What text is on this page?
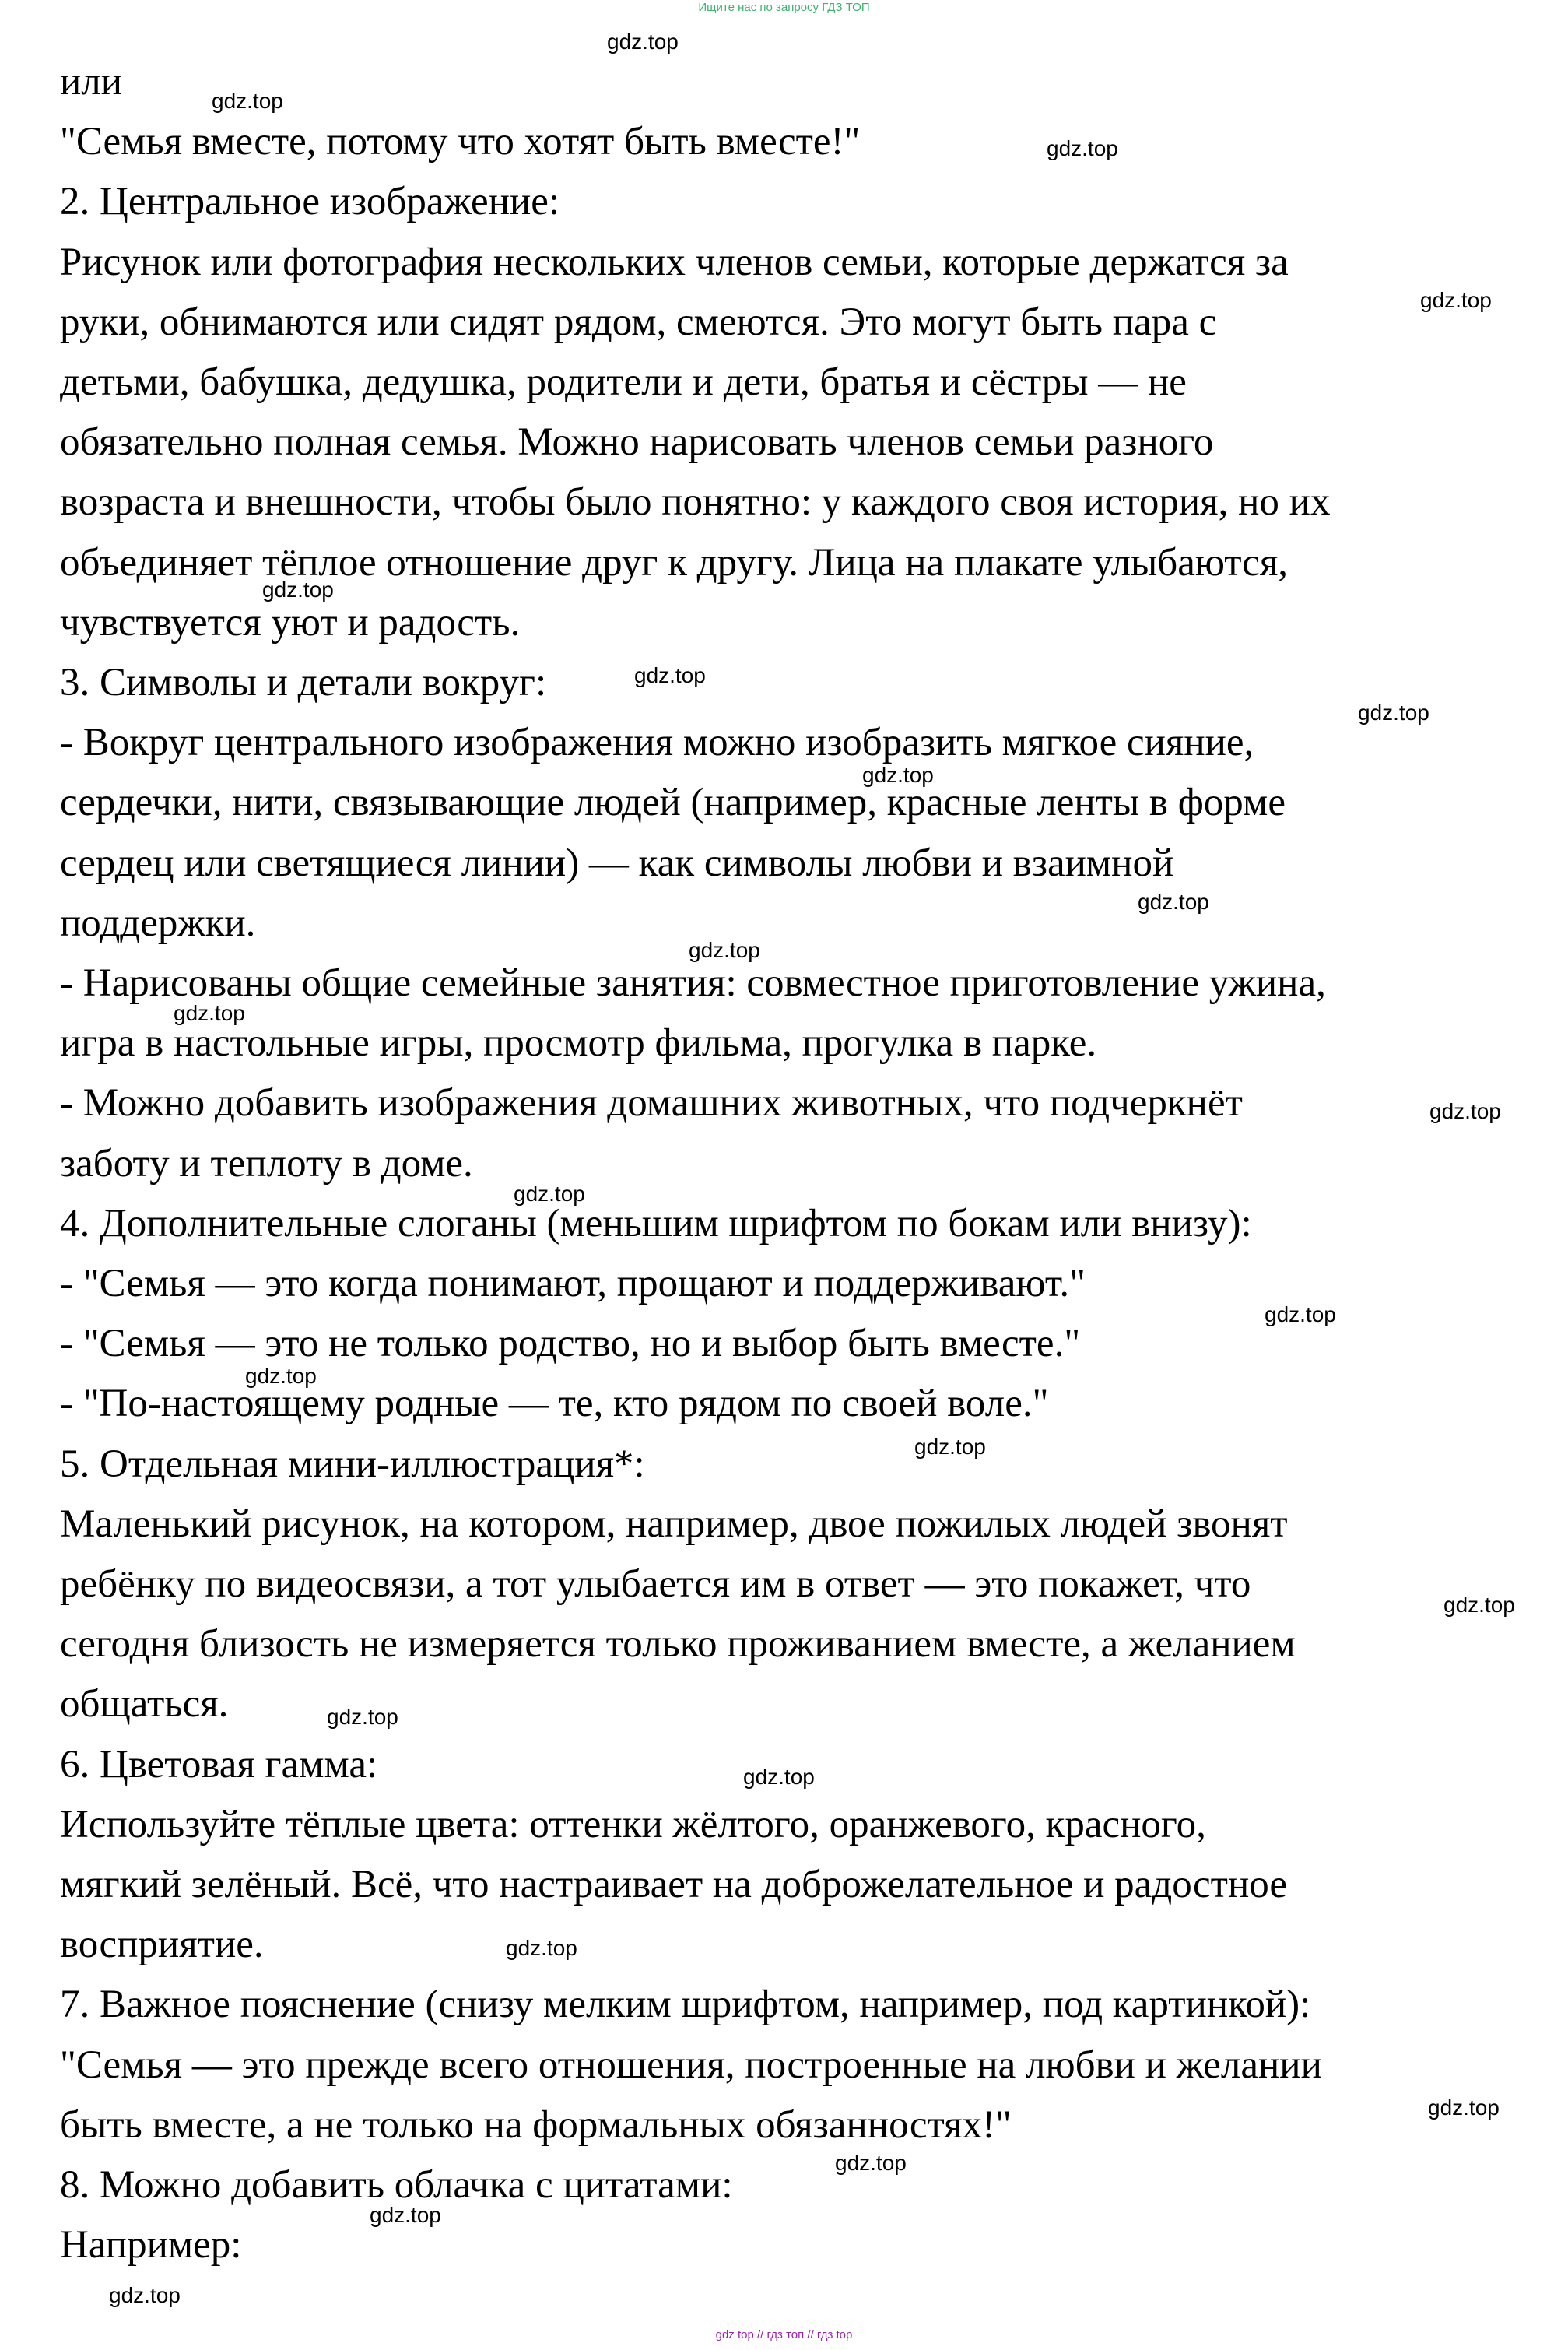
Ищите нас по запросу ГДЗ ТОП
или
"Семья вместе, потому что хотят быть вместе!"
2. Центральное изображение:
Рисунок или фотография нескольких членов семьи, которые держатся за
руки, обнимаются или сидят рядом, смеются. Это могут быть пара с
детьми, бабушка, дедушка, родители и дети, братья и сёстры — не
обязательно полная семья. Можно нарисовать членов семьи разного
возраста и внешности, чтобы было понятно: у каждого своя история, но их
объединяет тёплое отношение друг к другу. Лица на плакате улыбаются,
чувствуется уют и радость.
3. Символы и детали вокруг:
- Вокруг центрального изображения можно изобразить мягкое сияние,
сердечки, нити, связывающие людей (например, красные ленты в форме
сердец или светящиеся линии) — как символы любви и взаимной
поддержки.
- Нарисованы общие семейные занятия: совместное приготовление ужина,
игра в настольные игры, просмотр фильма, прогулка в парке.
- Можно добавить изображения домашних животных, что подчеркнёт
заботу и теплоту в доме.
4. Дополнительные слоганы (меньшим шрифтом по бокам или внизу):
- "Семья — это когда понимают, прощают и поддерживают."
- "Семья — это не только родство, но и выбор быть вместе."
- "По-настоящему родные — те, кто рядом по своей воле."
5. Отдельная мини-иллюстрация*:
Маленький рисунок, на котором, например, двое пожилых людей звонят
ребёнку по видеосвязи, а тот улыбается им в ответ — это покажет, что
сегодня близость не измеряется только проживанием вместе, а желанием
общаться.
6. Цветовая гамма:
Используйте тёплые цвета: оттенки жёлтого, оранжевого, красного,
мягкий зелёный. Всё, что настраивает на доброжелательное и радостное
восприятие.
7. Важное пояснение (снизу мелким шрифтом, например, под картинкой):
"Семья — это прежде всего отношения, построенные на любви и желании
быть вместе, а не только на формальных обязанностях!"
8. Можно добавить облачка с цитатами:
Например:
gdz.top
gdz.top
gdz.top
gdz.top
gdz.top
gdz.top
gdz.top
gdz.top
gdz.top
gdz.top
gdz.top
gdz.top
gdz.top
gdz.top
gdz.top
gdz.top
gdz.top
gdz.top
gdz.top
gdz.top
gdz.top
gdz.top
gdz.top
gdz.top
gdz top // гдз топ // гдз top
